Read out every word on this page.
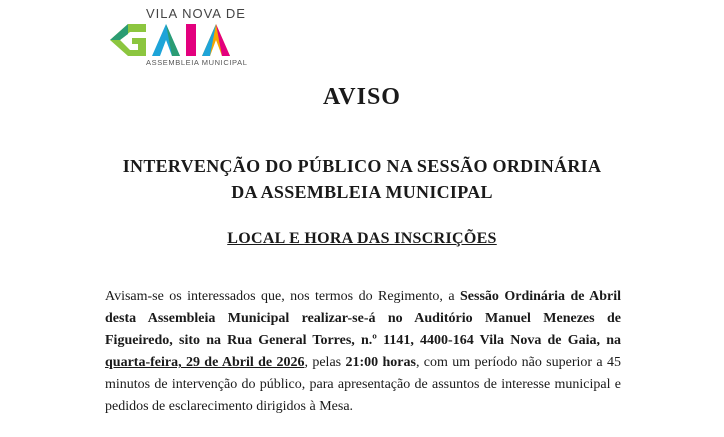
VILA NOVA DE
ASSEMBLEIA MUNICIPAL
AVISO
INTERVENÇÃO DO PÚBLICO NA SESSÃO ORDINÁRIA
DA ASSEMBLEIA MUNICIPAL
LOCAL E HORA DAS INSCRIÇÕES
Avisam-se os interessados que, nos termos do Regimento, a Sessão Ordinária de Abril desta Assembleia Municipal realizar-se-á no Auditório Manuel Menezes de Figueiredo, sito na Rua General Torres, n.º 1141, 4400-164 Vila Nova de Gaia, na quarta-feira, 29 de Abril de 2026, pelas 21:00 horas, com um período não superior a 45 minutos de intervenção do público, para apresentação de assuntos de interesse municipal e pedidos de esclarecimento dirigidos à Mesa.
